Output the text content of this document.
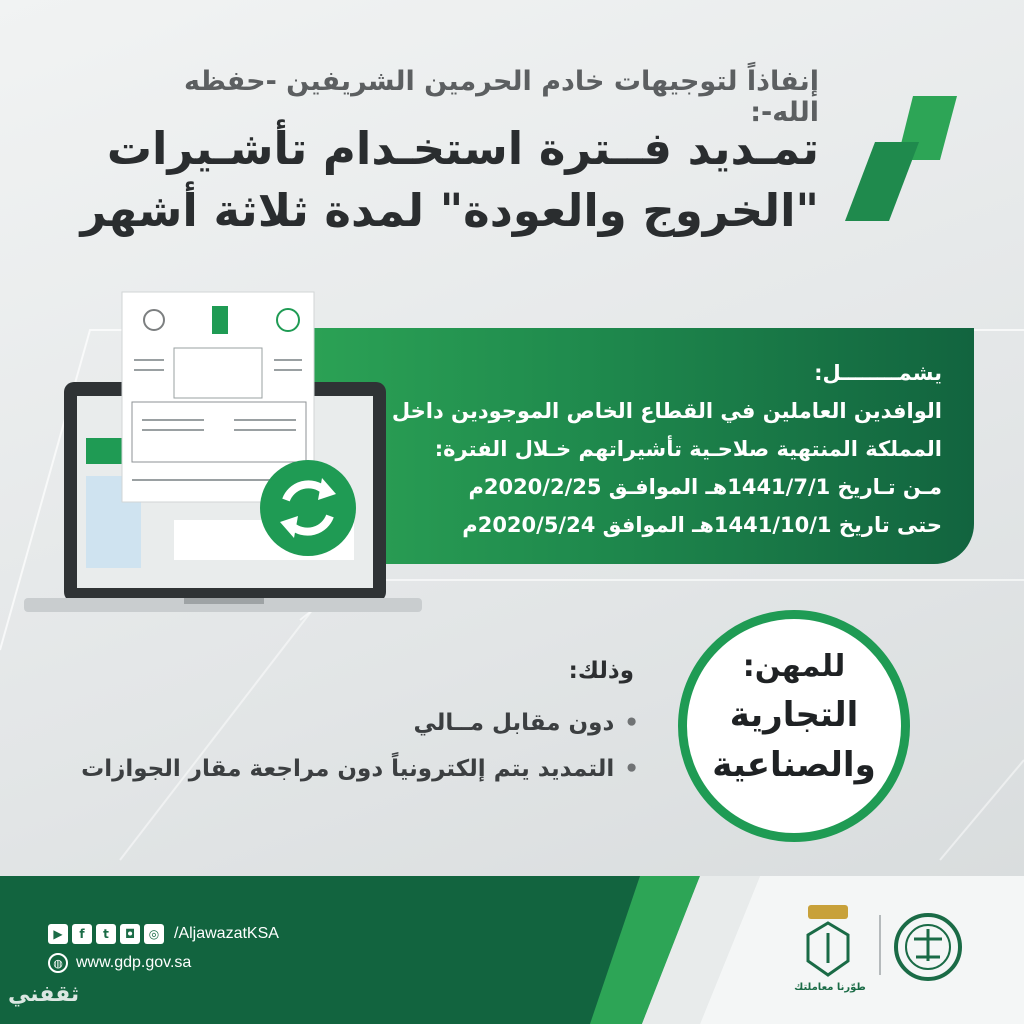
إنفاذاً لتوجيهات خادم الحرمين الشريفين -حفظه الله-:
تمـديد فــترة استخـدام تأشـيرات
"الخروج والعودة" لمدة ثلاثة أشهر
يشمــــــــل:
الوافدين العاملين في القطاع الخاص الموجودين داخل
المملكة المنتهية صلاحـية تأشيراتهم خـلال الفترة:
مـن تـاريخ 1441/7/1هـ الموافـق 2020/2/25م
حتى تاريخ 1441/10/1هـ الموافق 2020/5/24م
للمهن:
التجارية
والصناعية
وذلك:
•دون مقابل مــالي
•التمديد يتم إلكترونياً دون مراجعة مقار الجوازات
▶	f	t	◘	◎ /AljawazatKSA
◍ www.gdp.gov.sa
ثقفني	طوّرنا معاملتك
